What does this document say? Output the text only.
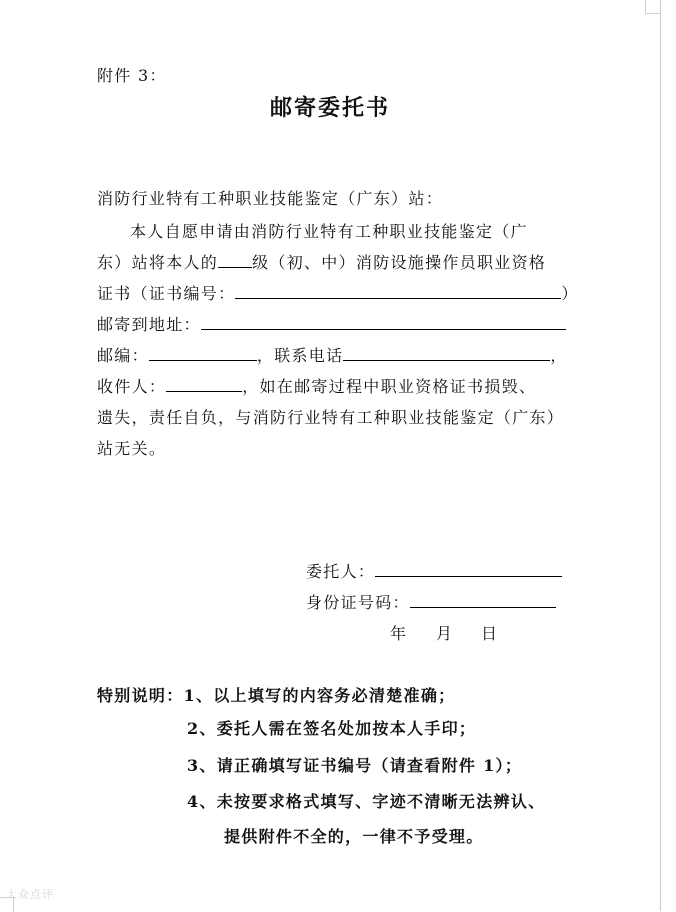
附件 3：
邮寄委托书
消防行业特有工种职业技能鉴定（广东）站：
本人自愿申请由消防行业特有工种职业技能鉴定（广
东）站将本人的 级（初、中）消防设施操作员职业资格
证书（证书编号：	）
邮寄到地址：
邮编：	，联系电话	，
收件人：	，如在邮寄过程中职业资格证书损毁、
遗失，责任自负，与消防行业特有工种职业技能鉴定（广东）
站无关。
委托人：
身份证号码：
年 月 日
特别说明：1、以上填写的内容务必清楚准确；
2、委托人需在签名处加按本人手印；
3、请正确填写证书编号（请查看附件 1）；
4、未按要求格式填写、字迹不清晰无法辨认、
提供附件不全的，一律不予受理。
大众点评
